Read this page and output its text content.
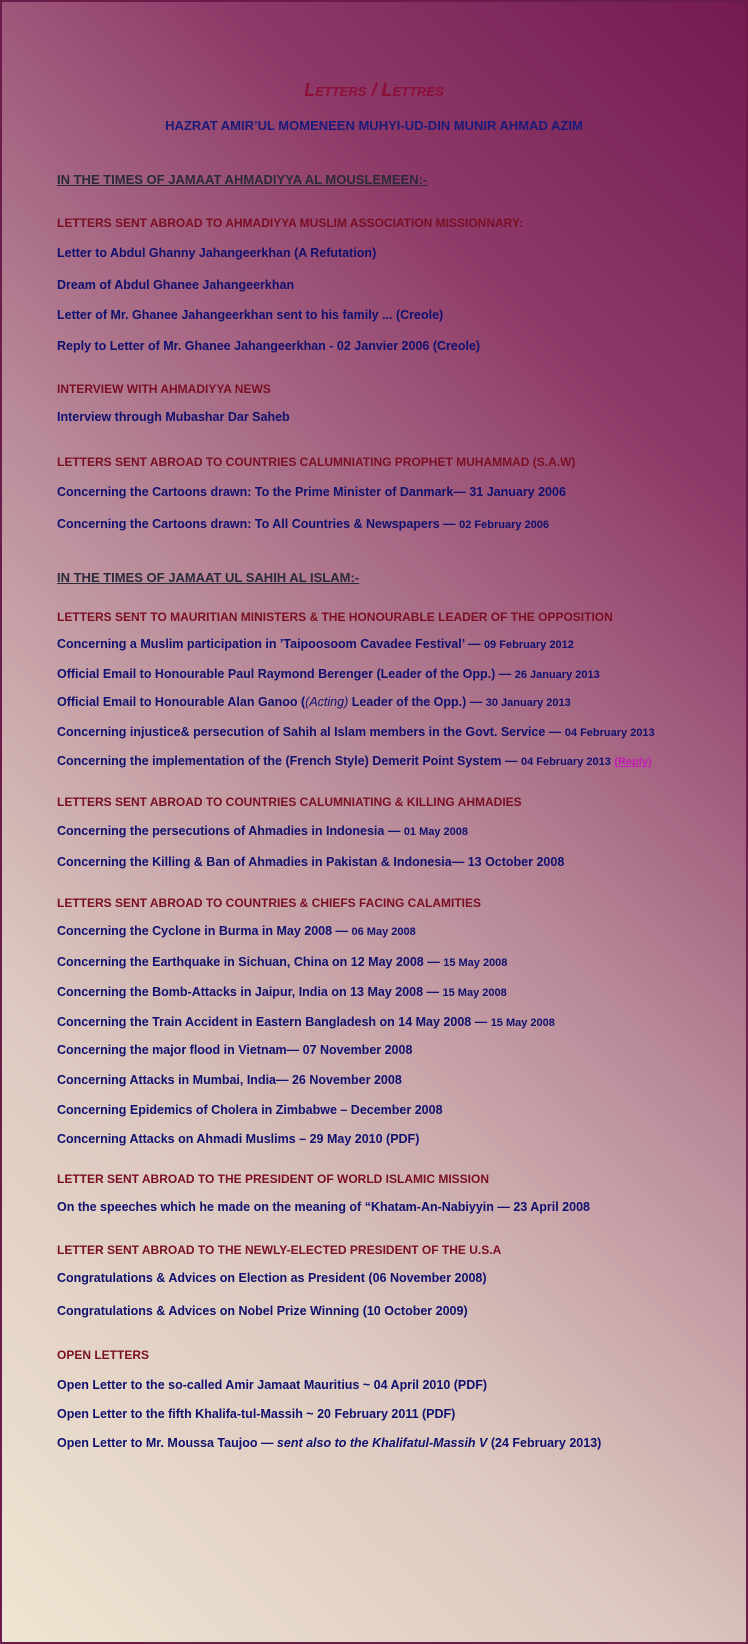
LETTERS / LETTRES
HAZRAT AMIR’UL MOMENEEN MUHYI-UD-DIN MUNIR AHMAD AZIM
IN THE TIMES OF JAMAAT AHMADIYYA AL MOUSLEMEEN:-
LETTERS SENT ABROAD TO AHMADIYYA MUSLIM ASSOCIATION MISSIONNARY:
Letter to Abdul Ghanny Jahangeerkhan (A Refutation)
Dream of Abdul Ghanee Jahangeerkhan
Letter of Mr. Ghanee Jahangeerkhan sent to his family ... (Creole)
Reply to Letter of Mr. Ghanee Jahangeerkhan - 02 Janvier 2006 (Creole)
INTERVIEW WITH AHMADIYYA NEWS
Interview through Mubashar Dar Saheb
LETTERS SENT ABROAD TO COUNTRIES CALUMNIATING PROPHET MUHAMMAD (S.A.W)
Concerning the Cartoons drawn: To the Prime Minister of Danmark— 31 January 2006
Concerning the Cartoons drawn: To All Countries & Newspapers — 02 February 2006
IN THE TIMES OF JAMAAT UL SAHIH AL ISLAM:-
LETTERS SENT TO MAURITIAN MINISTERS & THE HONOURABLE LEADER OF THE OPPOSITION
Concerning a Muslim participation in ’Taipoosoom Cavadee Festival’ — 09 February 2012
Official Email to Honourable Paul Raymond Berenger (Leader of the Opp.) — 26 January 2013
Official Email to Honourable Alan Ganoo ((Acting) Leader of the Opp.) — 30 January 2013
Concerning injustice& persecution of Sahih al Islam members in the Govt. Service — 04 February 2013
Concerning the implementation of the (French Style) Demerit Point System — 04 February 2013 (Reply)
LETTERS SENT ABROAD TO COUNTRIES CALUMNIATING & KILLING AHMADIES
Concerning the persecutions of Ahmadies in Indonesia — 01 May 2008
Concerning the Killing & Ban of Ahmadies in Pakistan & Indonesia— 13 October 2008
LETTERS SENT ABROAD TO COUNTRIES & CHIEFS FACING CALAMITIES
Concerning the Cyclone in Burma in May 2008 — 06 May 2008
Concerning the Earthquake in Sichuan, China on 12 May 2008 — 15 May 2008
Concerning the Bomb-Attacks in Jaipur, India on 13 May 2008 — 15 May 2008
Concerning the Train Accident in Eastern Bangladesh on 14 May 2008 — 15 May 2008
Concerning the major flood in Vietnam— 07 November 2008
Concerning Attacks in Mumbai, India— 26 November 2008
Concerning Epidemics of Cholera in Zimbabwe – December 2008
Concerning Attacks on Ahmadi Muslims – 29 May 2010 (PDF)
LETTER SENT ABROAD TO THE PRESIDENT OF WORLD ISLAMIC MISSION
On the speeches which he made on the meaning of “Khatam-An-Nabiyyin — 23 April 2008
LETTER SENT ABROAD TO THE NEWLY-ELECTED PRESIDENT OF THE U.S.A
Congratulations & Advices on Election as President (06 November 2008)
Congratulations & Advices on Nobel Prize Winning (10 October 2009)
OPEN LETTERS
Open Letter to the so-called Amir Jamaat Mauritius ~ 04 April 2010 (PDF)
Open Letter to the fifth Khalifa-tul-Massih ~ 20 February 2011 (PDF)
Open Letter to Mr. Moussa Taujoo — sent also to the Khalifatul-Massih V (24 February 2013)
